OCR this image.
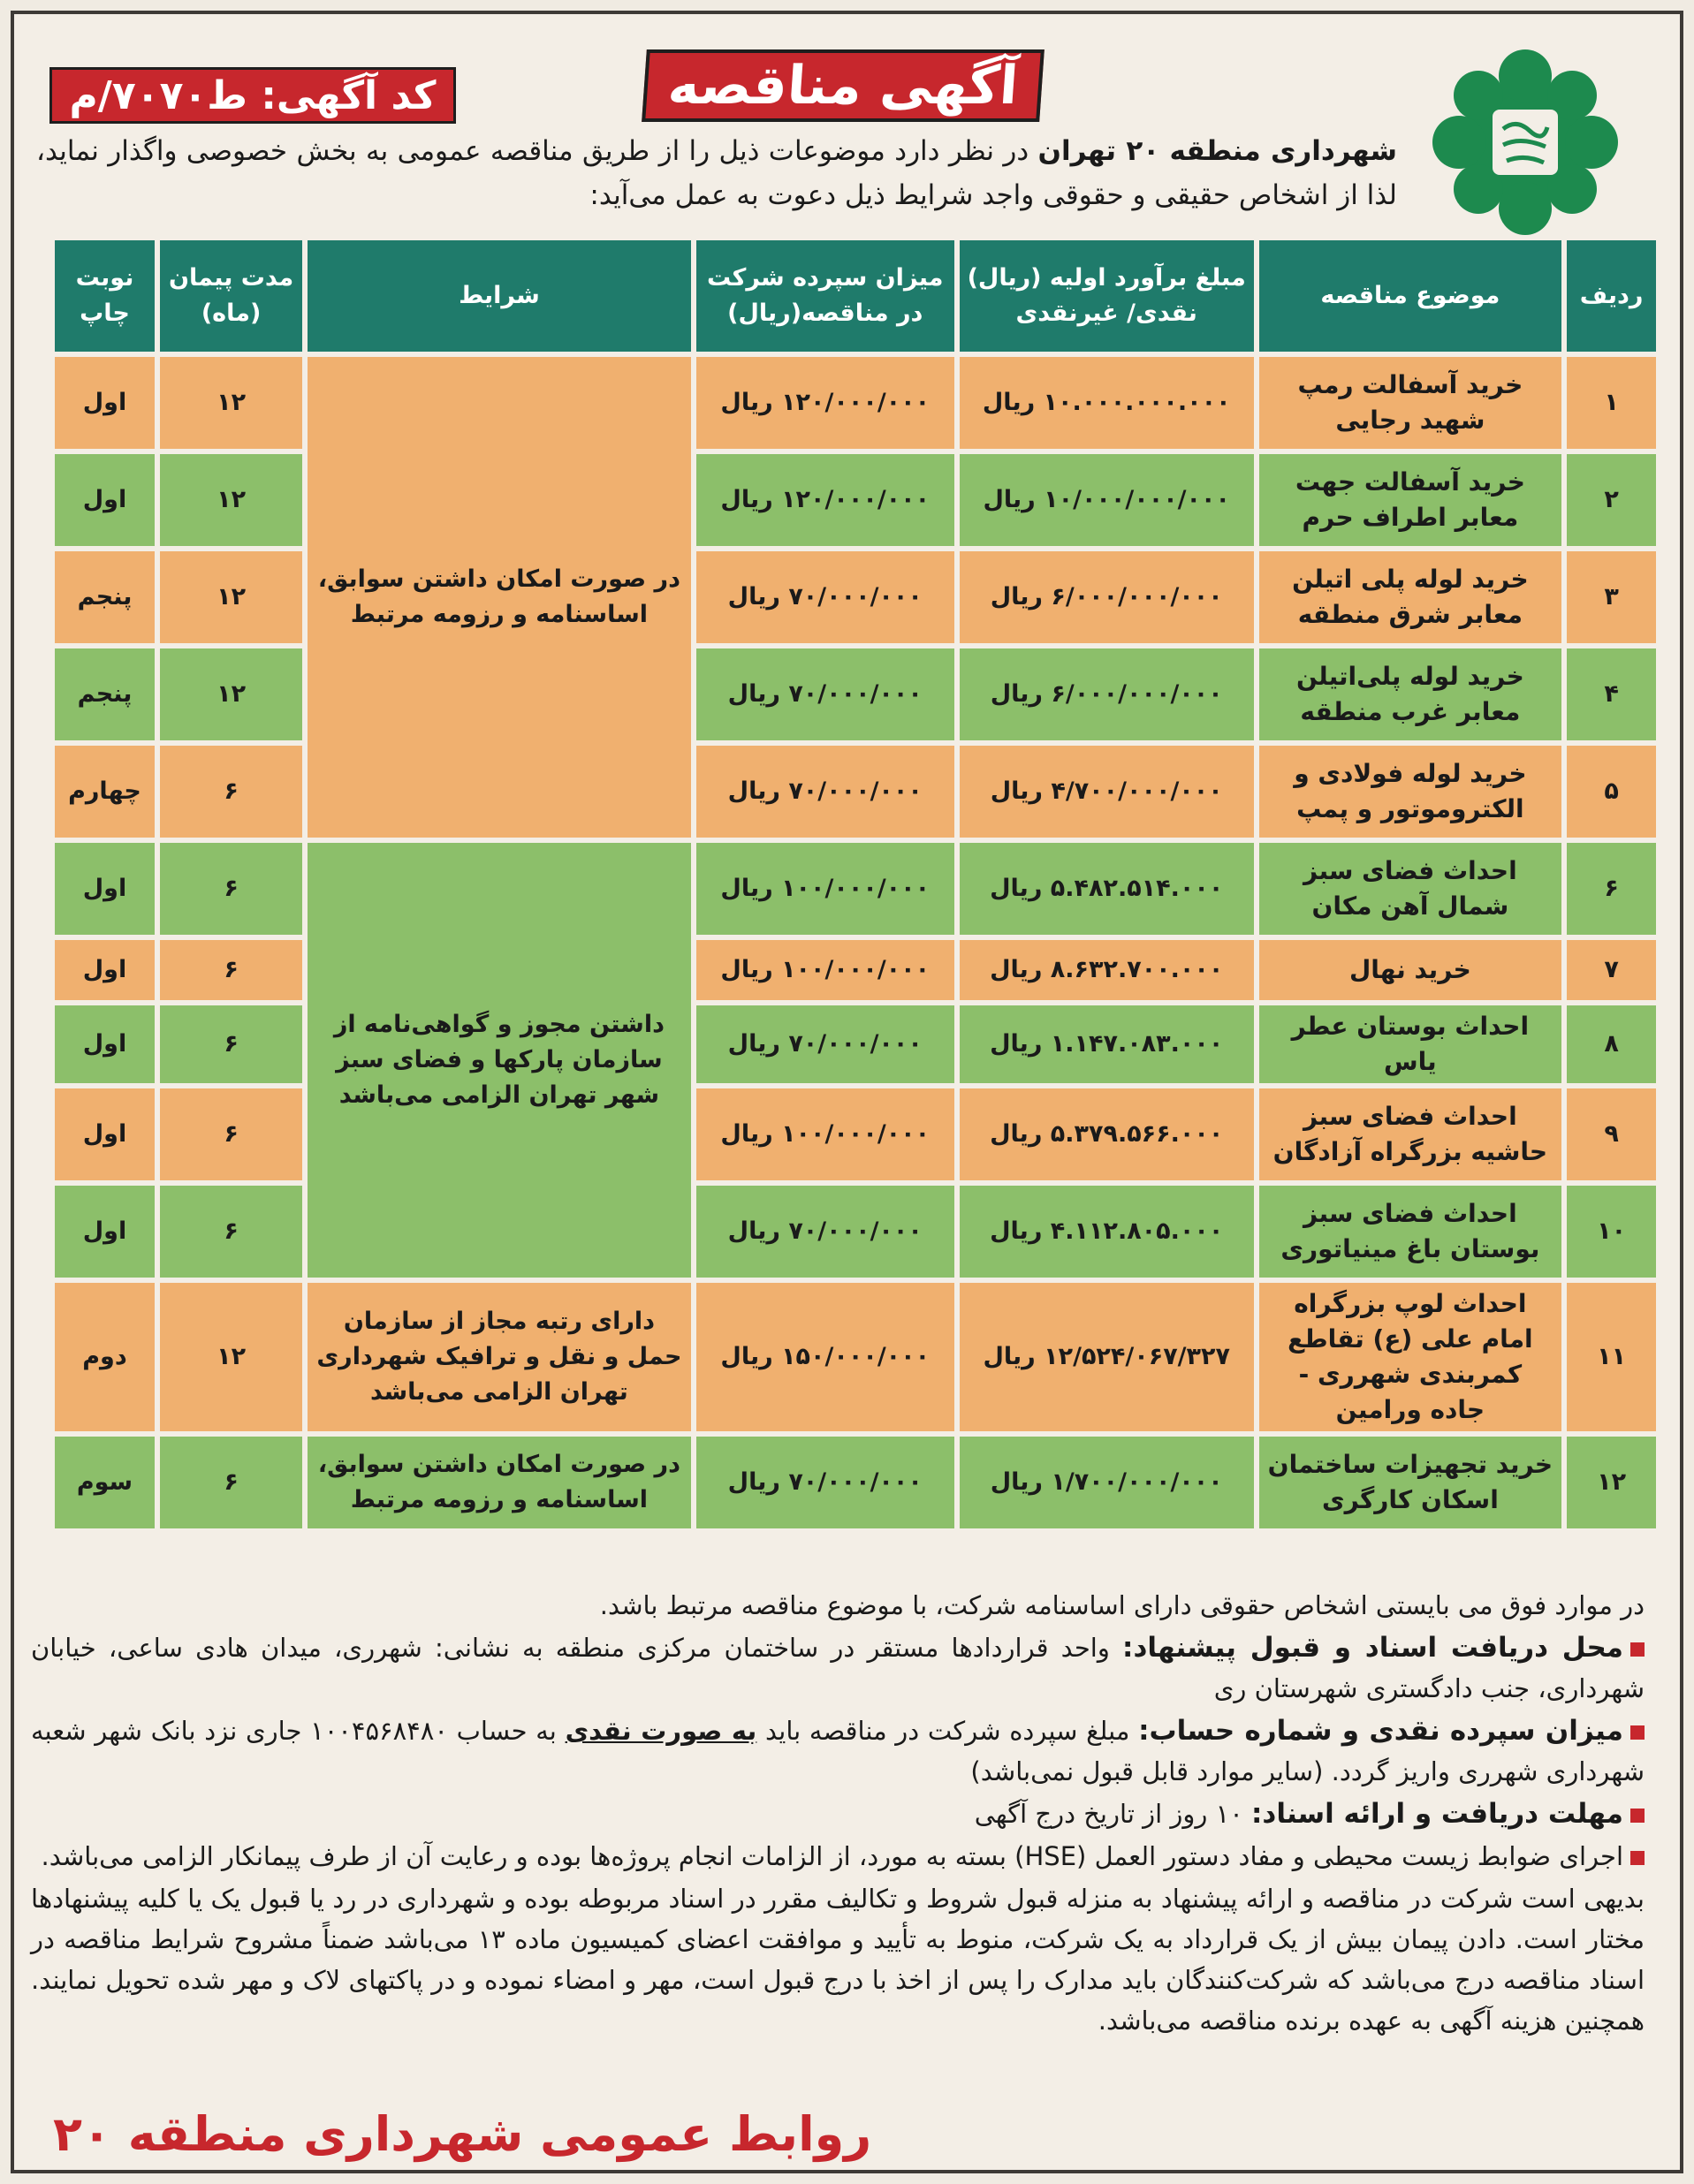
آگهی مناقصه
کد آگهی: ط۷۰۷۰/م
شهرداری منطقه ۲۰ تهران در نظر دارد موضوعات ذیل را از طریق مناقصه عمومی به بخش خصوصی واگذار نماید، لذا از اشخاص حقیقی و حقوقی واجد شرایط ذیل دعوت به عمل می‌آید:
ردیف	موضوع مناقصه	مبلغ برآورد اولیه (ریال) نقدی/ غیرنقدی	میزان سپرده شرکت در مناقصه(ریال)	شرایط	مدت پیمان (ماه)	نوبت چاپ
۱	خرید آسفالت رمپ شهید رجایی	۱۰.۰۰۰.۰۰۰.۰۰۰ ریال	۱۲۰/۰۰۰/۰۰۰ ریال	در صورت امکان داشتن سوابق، اساسنامه و رزومه مرتبط	۱۲	اول
۲	خرید آسفالت جهت معابر اطراف حرم	۱۰/۰۰۰/۰۰۰/۰۰۰ ریال	۱۲۰/۰۰۰/۰۰۰ ریال		۱۲	اول
۳	خرید لوله پلی اتیلن معابر شرق منطقه	۶/۰۰۰/۰۰۰/۰۰۰ ریال	۷۰/۰۰۰/۰۰۰ ریال		۱۲	پنجم
۴	خرید لوله پلی‌اتیلن معابر غرب منطقه	۶/۰۰۰/۰۰۰/۰۰۰ ریال	۷۰/۰۰۰/۰۰۰ ریال		۱۲	پنجم
۵	خرید لوله فولادی و الکتروموتور و پمپ	۴/۷۰۰/۰۰۰/۰۰۰ ریال	۷۰/۰۰۰/۰۰۰ ریال		۶	چهارم
۶	احداث فضای سبز شمال آهن مکان	۵.۴۸۲.۵۱۴.۰۰۰ ریال	۱۰۰/۰۰۰/۰۰۰ ریال	داشتن مجوز و گواهی‌نامه از سازمان پارکها و فضای سبز شهر تهران الزامی می‌باشد	۶	اول
۷	خرید نهال	۸.۶۳۲.۷۰۰.۰۰۰ ریال	۱۰۰/۰۰۰/۰۰۰ ریال		۶	اول
۸	احداث بوستان عطر یاس	۱.۱۴۷.۰۸۳.۰۰۰ ریال	۷۰/۰۰۰/۰۰۰ ریال		۶	اول
۹	احداث فضای سبز حاشیه بزرگراه آزادگان	۵.۳۷۹.۵۶۶.۰۰۰ ریال	۱۰۰/۰۰۰/۰۰۰ ریال		۶	اول
۱۰	احداث فضای سبز بوستان باغ مینیاتوری	۴.۱۱۲.۸۰۵.۰۰۰ ریال	۷۰/۰۰۰/۰۰۰ ریال		۶	اول
۱۱	احداث لوپ بزرگراه امام علی (ع) تقاطع کمربندی شهرری - جاده ورامین	۱۲/۵۲۴/۰۶۷/۳۲۷ ریال	۱۵۰/۰۰۰/۰۰۰ ریال	دارای رتبه مجاز از سازمان حمل و نقل و ترافیک شهرداری تهران الزامی می‌باشد	۱۲	دوم
۱۲	خرید تجهیزات ساختمان اسکان کارگری	۱/۷۰۰/۰۰۰/۰۰۰ ریال	۷۰/۰۰۰/۰۰۰ ریال	در صورت امکان داشتن سوابق، اساسنامه و رزومه مرتبط	۶	سوم

در موارد فوق می بایستی اشخاص حقوقی دارای اساسنامه شرکت، با موضوع مناقصه مرتبط باشد.

محل دریافت اسناد و قبول پیشنهاد: واحد قراردادها مستقر در ساختمان مرکزی منطقه به نشانی: شهرری، میدان هادی ساعی، خیابان شهرداری، جنب دادگستری شهرستان ری

میزان سپرده نقدی و شماره حساب: مبلغ سپرده شرکت در مناقصه باید به صورت نقدی به حساب ۱۰۰۴۵۶۸۴۸۰ جاری نزد بانک شهر شعبه شهرداری شهرری واریز گردد. (سایر موارد قابل قبول نمی‌باشد)

مهلت دریافت و ارائه اسناد: ۱۰ روز از تاریخ درج آگهی

اجرای ضوابط زیست محیطی و مفاد دستور العمل (HSE) بسته به مورد، از الزامات انجام پروژه‌ها بوده و رعایت آن از طرف پیمانکار الزامی می‌باشد.

بدیهی است شرکت در مناقصه و ارائه پیشنهاد به منزله قبول شروط و تکالیف مقرر در اسناد مربوطه بوده و شهرداری در رد یا قبول یک یا کلیه پیشنهادها مختار است. دادن پیمان بیش از یک قرارداد به یک شرکت، منوط به تأیید و موافقت اعضای کمیسیون ماده ۱۳ می‌باشد ضمناً مشروح شرایط مناقصه در اسناد مناقصه درج می‌باشد که شرکت‌کنندگان باید مدارک را پس از اخذ با درج قبول است، مهر و امضاء نموده و در پاکتهای لاک و مهر شده تحویل نمایند. همچنین هزینه آگهی به عهده برنده مناقصه می‌باشد.

روابط عمومی شهرداری منطقه ۲۰
